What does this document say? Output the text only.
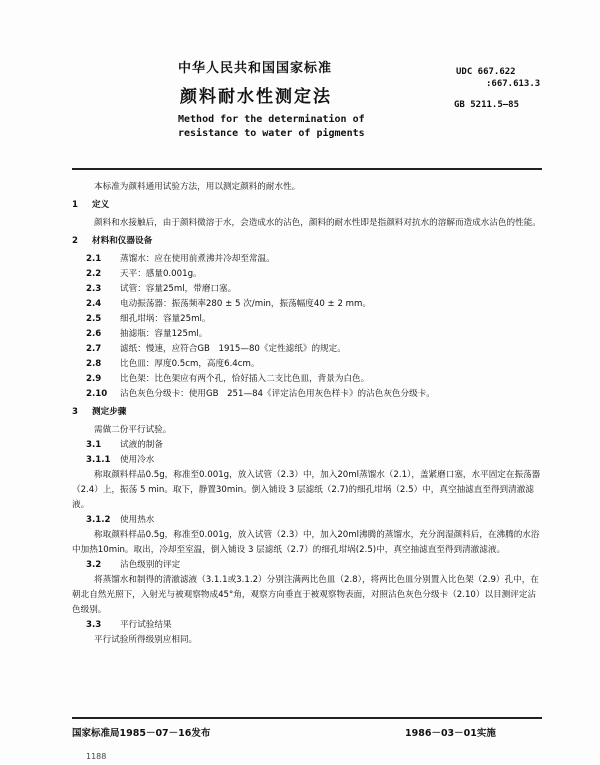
中华人民共和国国家标准
颜料耐水性测定法
Method for the determination of
resistance to water of pigments
UDC 667.622
:667.613.3
GB 5211.5—85

本标准为颜料通用试验方法，用以测定颜料的耐水性。

1 定义

颜料和水接触后，由于颜料微溶于水，会造成水的沾色，颜料的耐水性即是指颜料对抗水的溶解而造成水沾色的性能。

2 材料和仪器设备
2.1	蒸馏水：应在使用前煮沸并冷却至常温。
2.2	天平：感量0.001g。
2.3	试管：容量25ml，带磨口塞。
2.4	电动振荡器：振荡频率280 ± 5 次/min，振荡幅度40 ± 2 mm。
2.5	细孔坩埚：容量25ml。
2.6	抽滤瓶：容量125ml。
2.7	滤纸：慢速，应符合GB　1915—80《定性滤纸》的规定。
2.8	比色皿：厚度0.5cm，高度6.4cm。
2.9	比色架：比色架应有两个孔，恰好插入二支比色皿，背景为白色。
2.10	沾色灰色分级卡：使用GB　251—84《评定沾色用灰色样卡》的沾色灰色分级卡。
3 测定步骤

需做二份平行试验。

3.1	试液的制备
3.1.1	使用冷水

称取颜料样品0.5g，称准至0.001g，放入试管（2.3）中，加入20ml蒸馏水（2.1），盖紧磨口塞，水平固定在振荡器（2.4）上，振荡 5 min。取下，静置30min。倒入铺设 3 层滤纸（2.7)的细孔坩埚（2.5）中，真空抽滤直至得到清澈滤液。

3.1.2	使用热水

称取颜料样品0.5g，称准至0.001g，放入试管（2.3）中，加入20ml沸腾的蒸馏水，充分润湿颜料后，在沸腾的水浴中加热10min。取出，冷却至室温，倒入铺设 3 层滤纸（2.7）的细孔坩埚(2.5)中，真空抽滤直至得到清澈滤液。

3.2	沾色级别的评定

将蒸馏水和制得的清澈滤液（3.1.1或3.1.2）分别注满两比色皿（2.8），将两比色皿分别置入比色架（2.9）孔中，在朝北自然光照下，入射光与被观察物成45°角，观察方向垂直于被观察物表面，对照沾色灰色分级卡（2.10）以目测评定沾色级别。

3.3	平行试验结果

平行试验所得级别应相同。

国家标准局1985－07－16发布	1986－03－01实施
1188
